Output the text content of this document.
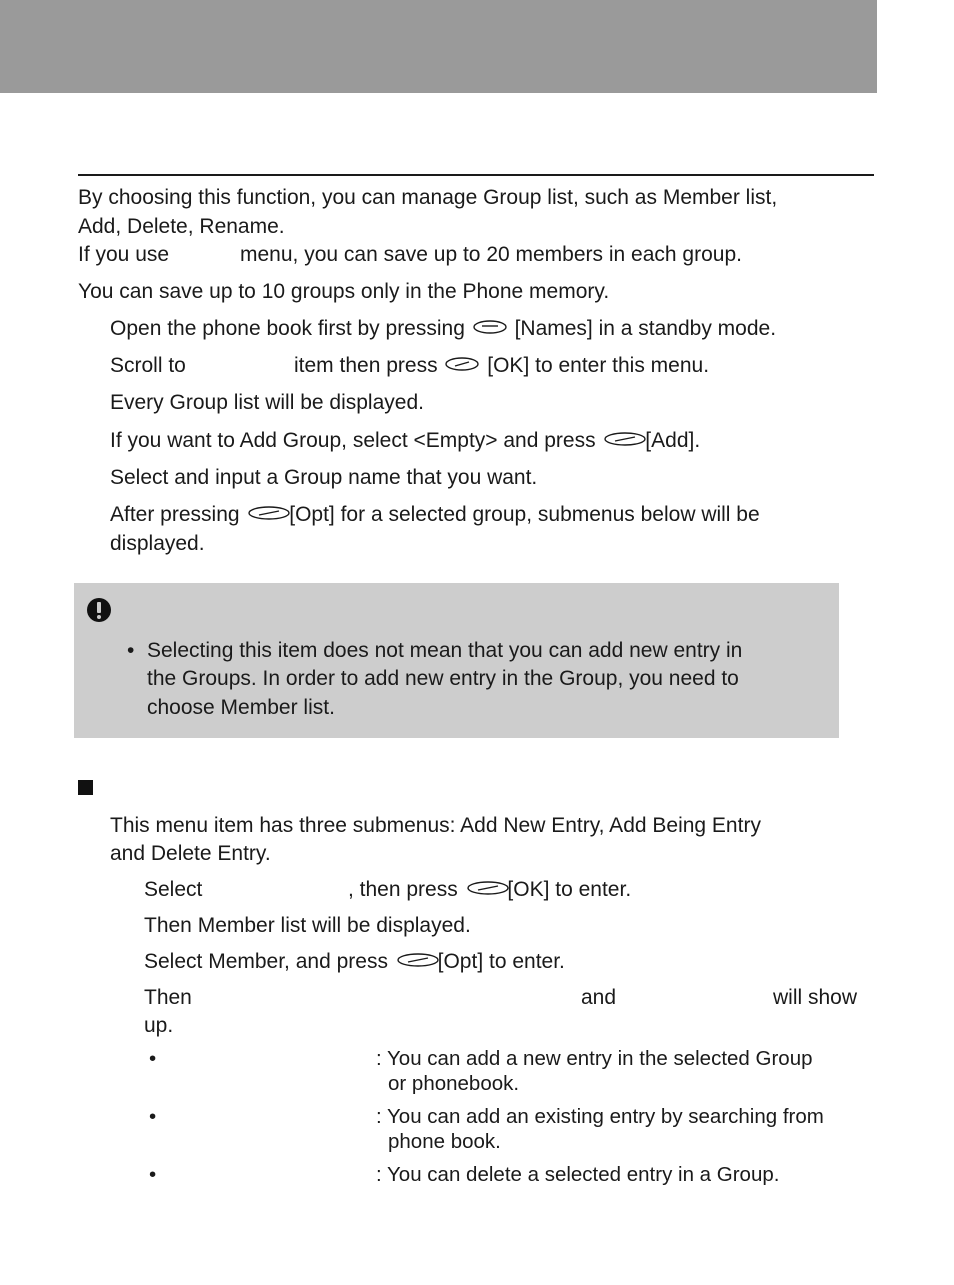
By choosing this function, you can manage Group list, such as Member list,
Add, Delete, Rename.
If you use	menu, you can save up to 20 members in each group.
You can save up to 10 groups only in the Phone memory.
Open the phone book first by pressing [Names] in a standby mode.
Scroll to	item then press [OK] to enter this menu.
Every Group list will be displayed.
If you want to Add Group, select <Empty> and press [Add].
Select and input a Group name that you want.
After pressing [Opt] for a selected group, submenus below will be
displayed.
• Selecting this item does not mean that you can add new entry in
the Groups. In order to add new entry in the Group, you need to
choose Member list.
This menu item has three submenus: Add New Entry, Add Being Entry
and Delete Entry.
Select	, then press [OK] to enter.
Then Member list will be displayed.
Select Member, and press [Opt] to enter.
Then	and	will show
up.
•	: You can add a new entry in the selected Group
or phonebook.
•	: You can add an existing entry by searching from
phone book.
•	: You can delete a selected entry in a Group.
